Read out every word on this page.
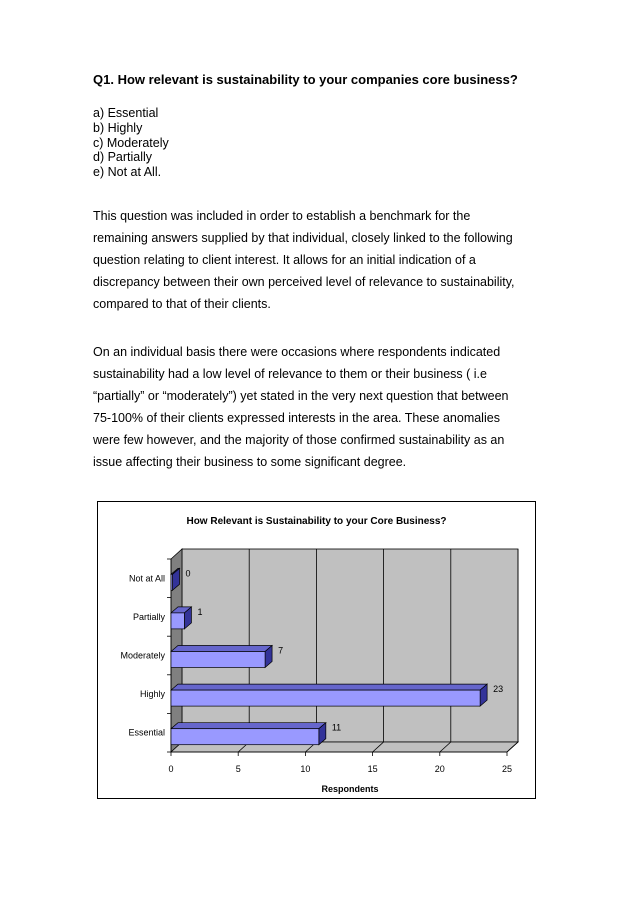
Q1. How relevant is sustainability to your companies core business?
a) Essential
b) Highly
c) Moderately
d) Partially
e) Not at All.

This question was included in order to establish a benchmark for the
remaining answers supplied by that individual, closely linked to the following
question relating to client interest. It allows for an initial indication of a
discrepancy between their own perceived level of relevance to sustainability,
compared to that of their clients.

On an individual basis there were occasions where respondents indicated
sustainability had a low level of relevance to them or their business ( i.e
“partially” or “moderately”) yet stated in the very next question that between
75-100% of their clients expressed interests in the area. These anomalies
were few however, and the majority of those confirmed sustainability as an
issue affecting their business to some significant degree.

How Relevant is Sustainability to your Core Business?
0	5	10	15	20	25
Essential
Highly
Moderately
Partially
Not at All
11
23
7
1
0
Respondents
